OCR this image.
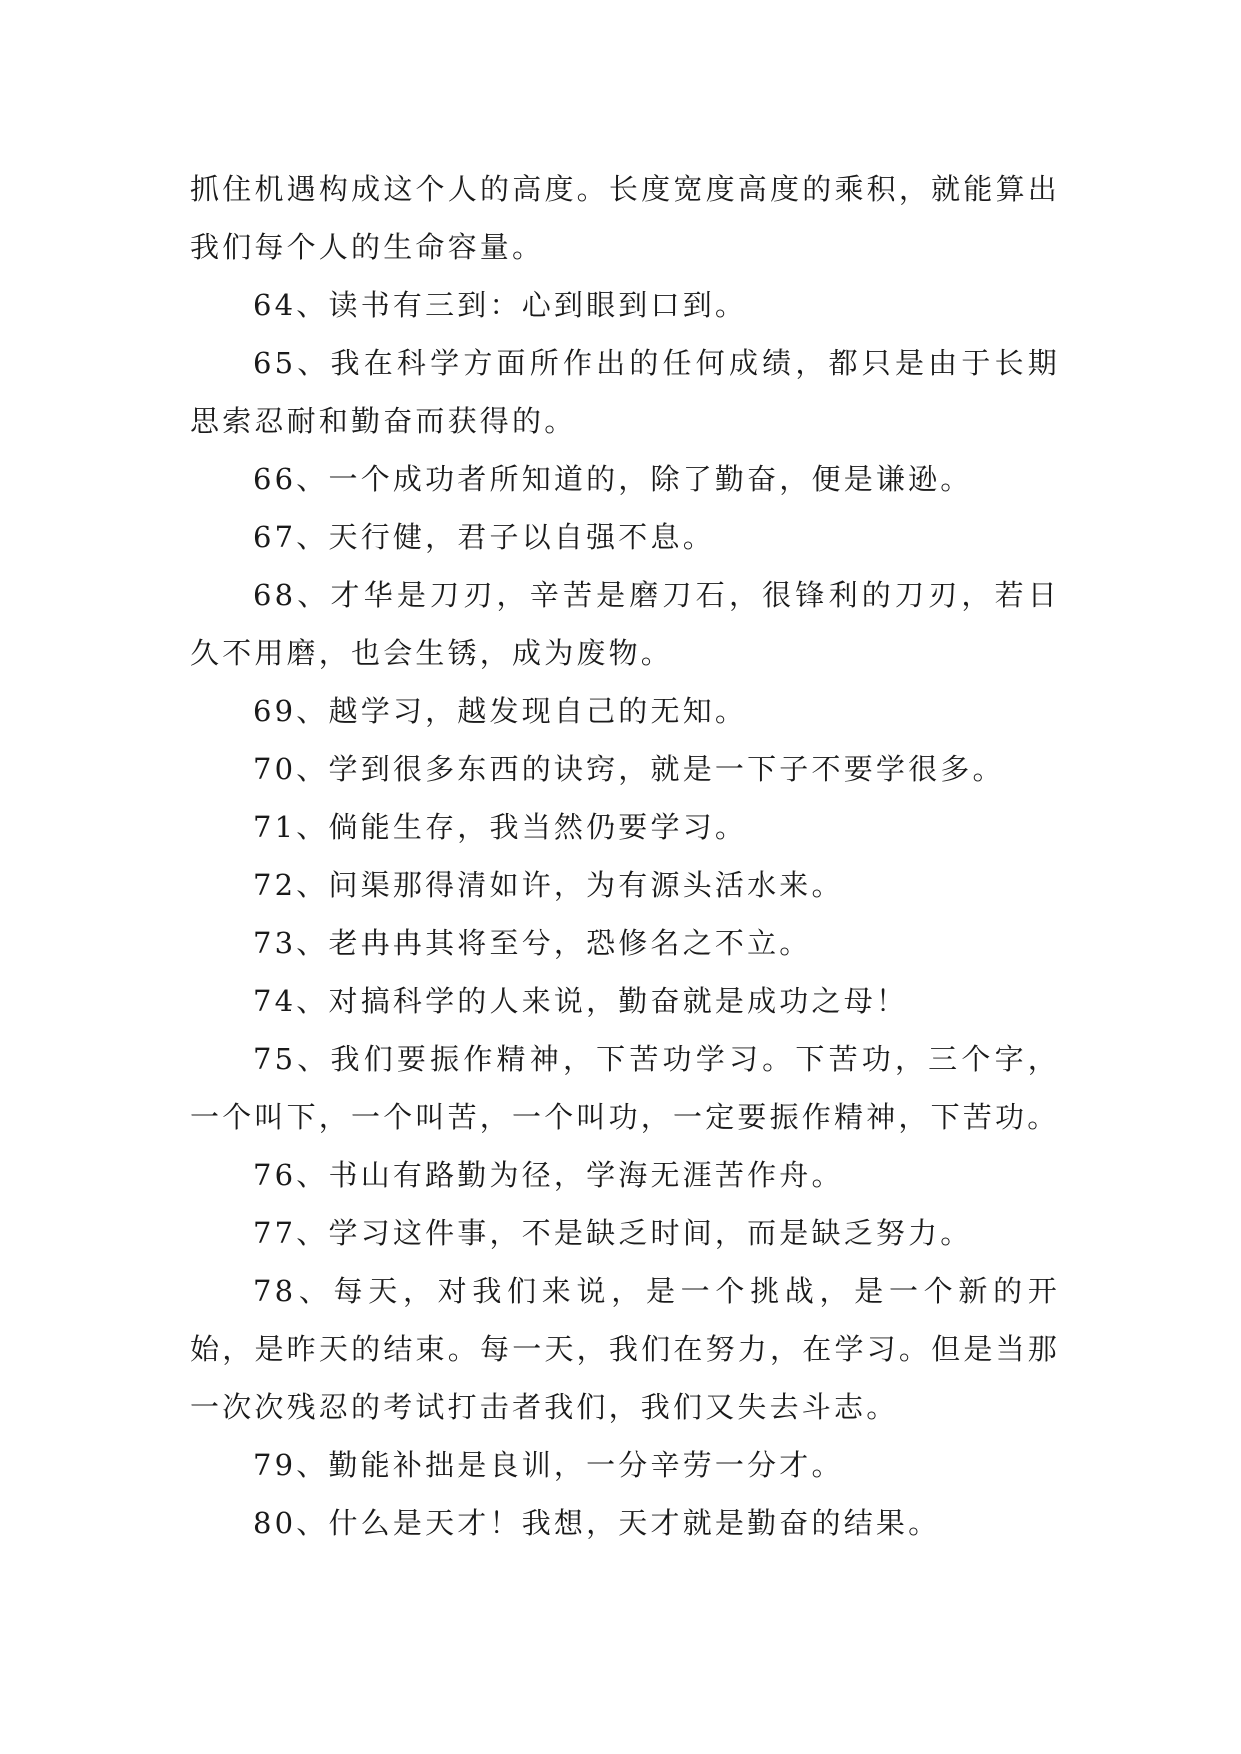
抓住机遇构成这个人的高度。长度宽度高度的乘积，就能算出我们每个人的生命容量。

64、读书有三到：心到眼到口到。

65、我在科学方面所作出的任何成绩，都只是由于长期思索忍耐和勤奋而获得的。

66、一个成功者所知道的，除了勤奋，便是谦逊。

67、天行健，君子以自强不息。

68、才华是刀刃，辛苦是磨刀石，很锋利的刀刃，若日久不用磨，也会生锈，成为废物。

69、越学习，越发现自己的无知。

70、学到很多东西的诀窍，就是一下子不要学很多。

71、倘能生存，我当然仍要学习。

72、问渠那得清如许，为有源头活水来。

73、老冉冉其将至兮，恐修名之不立。

74、对搞科学的人来说，勤奋就是成功之母！

75、我们要振作精神，下苦功学习。下苦功，三个字，一个叫下，一个叫苦，一个叫功，一定要振作精神，下苦功。

76、书山有路勤为径，学海无涯苦作舟。

77、学习这件事，不是缺乏时间，而是缺乏努力。

78、每天，对我们来说，是一个挑战，是一个新的开始，是昨天的结束。每一天，我们在努力，在学习。但是当那一次次残忍的考试打击者我们，我们又失去斗志。

79、勤能补拙是良训，一分辛劳一分才。

80、什么是天才！我想，天才就是勤奋的结果。
